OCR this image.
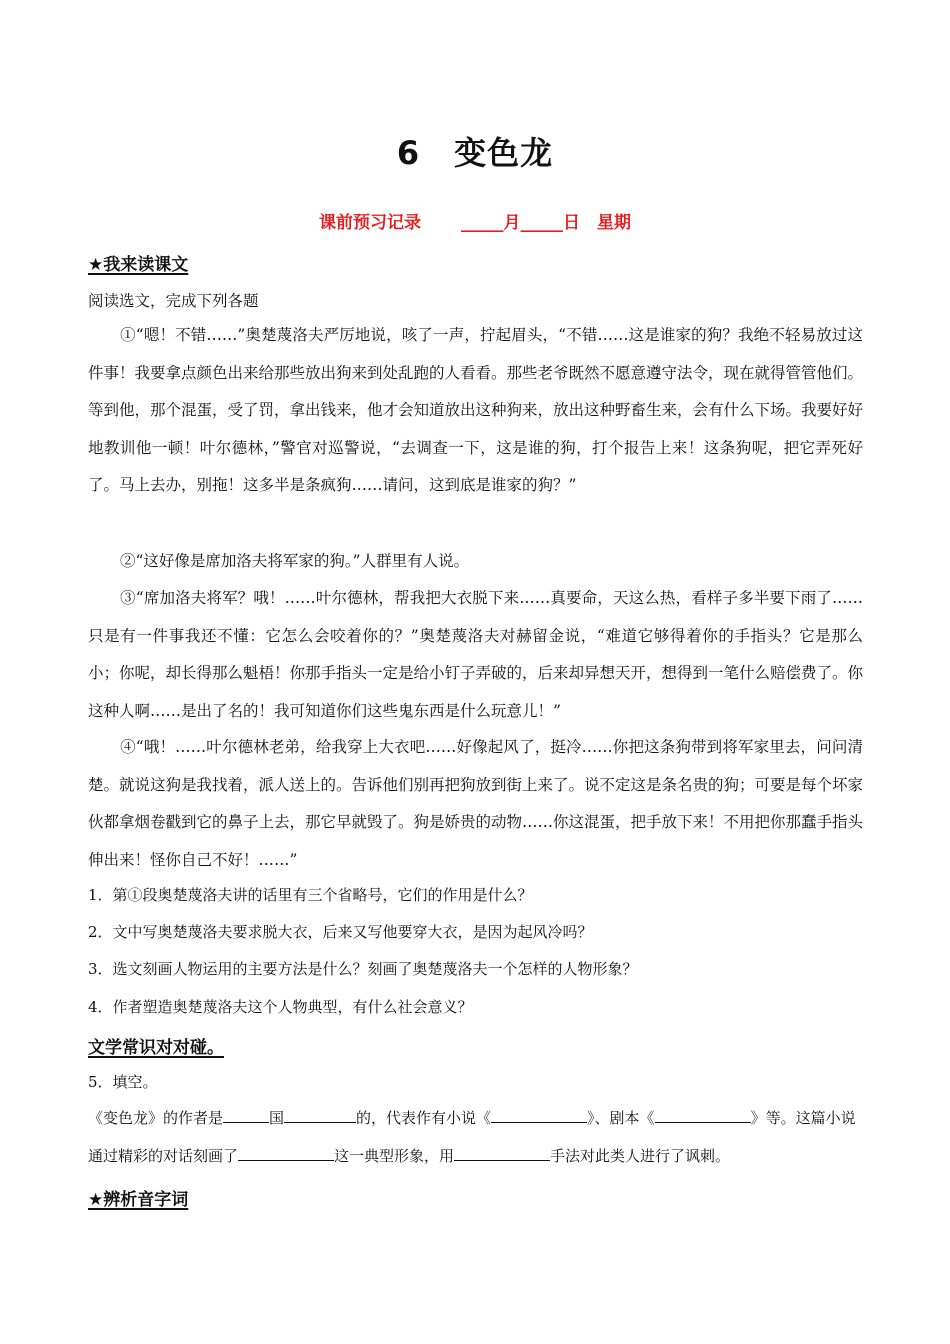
6 变色龙
课前预习记录　　 _____月_____日　星期
★我来读课文
阅读选文，完成下列各题
①“嗯！不错……”奥楚蔑洛夫严厉地说，咳了一声，拧起眉头，“不错……这是谁家的狗？我绝不轻易放过这件事！我要拿点颜色出来给那些放出狗来到处乱跑的人看看。那些老爷既然不愿意遵守法令，现在就得管管他们。等到他，那个混蛋，受了罚，拿出钱来，他才会知道放出这种狗来，放出这种野畜生来，会有什么下场。我要好好地教训他一顿！叶尔德林，”警官对巡警说，“去调查一下，这是谁的狗，打个报告上来！这条狗呢，把它弄死好了。马上去办，别拖！这多半是条疯狗……请问，这到底是谁家的狗？”
②“这好像是席加洛夫将军家的狗。”人群里有人说。
③“席加洛夫将军？哦！……叶尔德林，帮我把大衣脱下来……真要命，天这么热，看样子多半要下雨了……只是有一件事我还不懂：它怎么会咬着你的？”奥楚蔑洛夫对赫留金说，“难道它够得着你的手指头？它是那么小；你呢，却长得那么魁梧！你那手指头一定是给小钉子弄破的，后来却异想天开，想得到一笔什么赔偿费了。你这种人啊……是出了名的！我可知道你们这些鬼东西是什么玩意儿！”
④“哦！……叶尔德林老弟，给我穿上大衣吧……好像起风了，挺冷……你把这条狗带到将军家里去，问问清楚。就说这狗是我找着，派人送上的。告诉他们别再把狗放到街上来了。说不定这是条名贵的狗；可要是每个坏家伙都拿烟卷戳到它的鼻子上去，那它早就毁了。狗是娇贵的动物……你这混蛋，把手放下来！不用把你那蠢手指头伸出来！怪你自己不好！……”
1．第①段奥楚蔑洛夫讲的话里有三个省略号，它们的作用是什么？
2．文中写奥楚蔑洛夫要求脱大衣，后来又写他要穿大衣，是因为起风冷吗？
3．选文刻画人物运用的主要方法是什么？刻画了奥楚蔑洛夫一个怎样的人物形象？
4．作者塑造奥楚蔑洛夫这个人物典型，有什么社会意义？
文学常识对对碰。
5．填空。
《变色龙》的作者是	国	的，代表作有小说《	》、剧本《	》等。这篇小说通过精彩的对话刻画了	这一典型形象，用	手法对此类人进行了讽刺。
★辨析音字词
